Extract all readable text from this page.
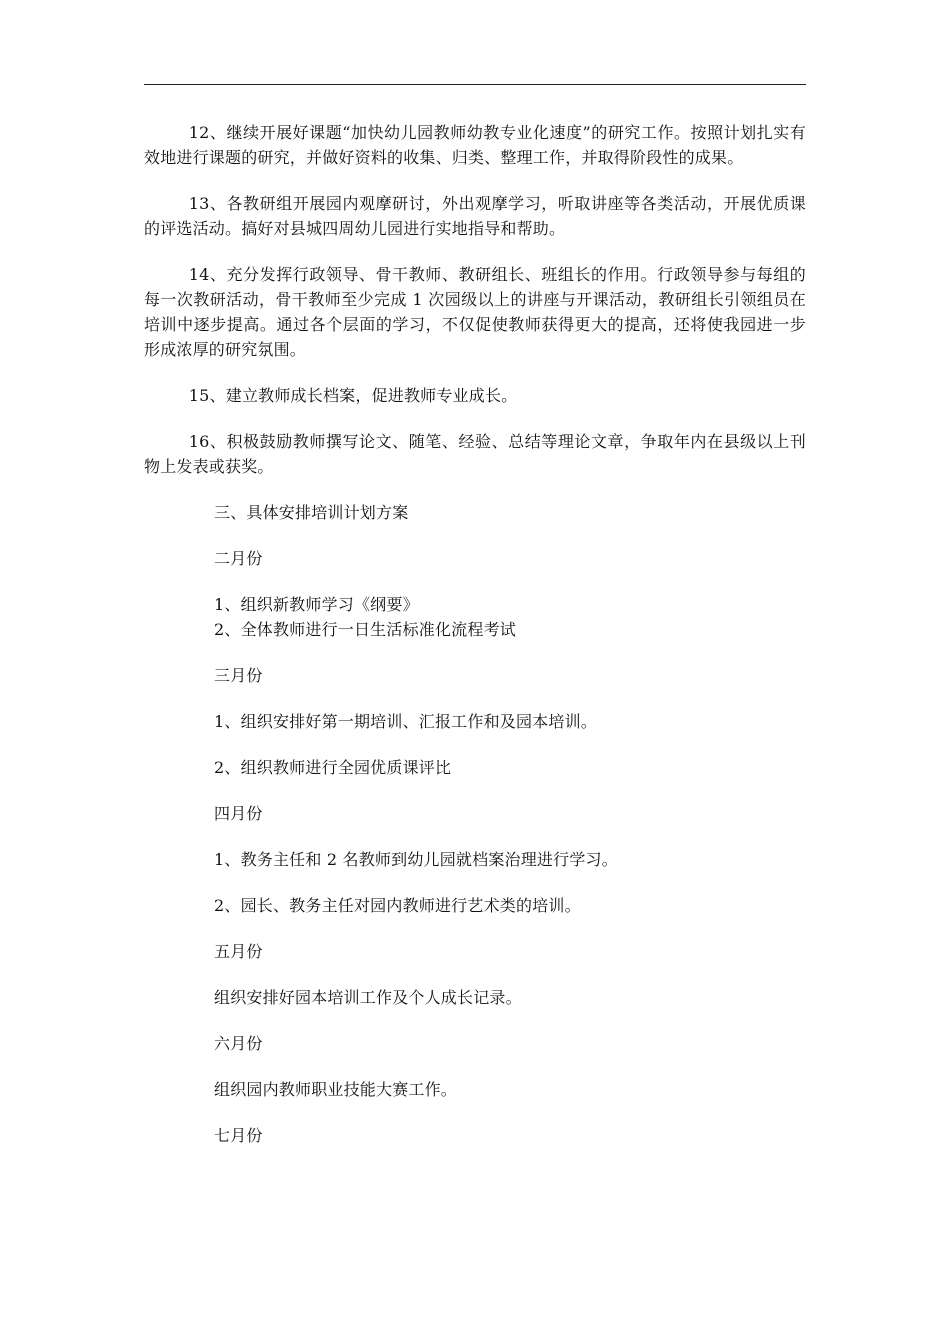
12、继续开展好课题“加快幼儿园教师幼教专业化速度”的研究工作。按照计划扎实有效地进行课题的研究，并做好资料的收集、归类、整理工作，并取得阶段性的成果。

13、各教研组开展园内观摩研讨，外出观摩学习，听取讲座等各类活动，开展优质课的评选活动。搞好对县城四周幼儿园进行实地指导和帮助。

14、充分发挥行政领导、骨干教师、教研组长、班组长的作用。行政领导参与每组的每一次教研活动，骨干教师至少完成 1 次园级以上的讲座与开课活动，教研组长引领组员在培训中逐步提高。通过各个层面的学习，不仅促使教师获得更大的提高，还将使我园进一步形成浓厚的研究氛围。

15、建立教师成长档案，促进教师专业成长。

16、积极鼓励教师撰写论文、随笔、经验、总结等理论文章，争取年内在县级以上刊物上发表或获奖。

三、具体安排培训计划方案

二月份

1、组织新教师学习《纲要》

2、全体教师进行一日生活标准化流程考试

三月份

1、组织安排好第一期培训、汇报工作和及园本培训。

2、组织教师进行全园优质课评比

四月份

1、教务主任和 2 名教师到幼儿园就档案治理进行学习。

2、园长、教务主任对园内教师进行艺术类的培训。

五月份

组织安排好园本培训工作及个人成长记录。

六月份

组织园内教师职业技能大赛工作。

七月份
